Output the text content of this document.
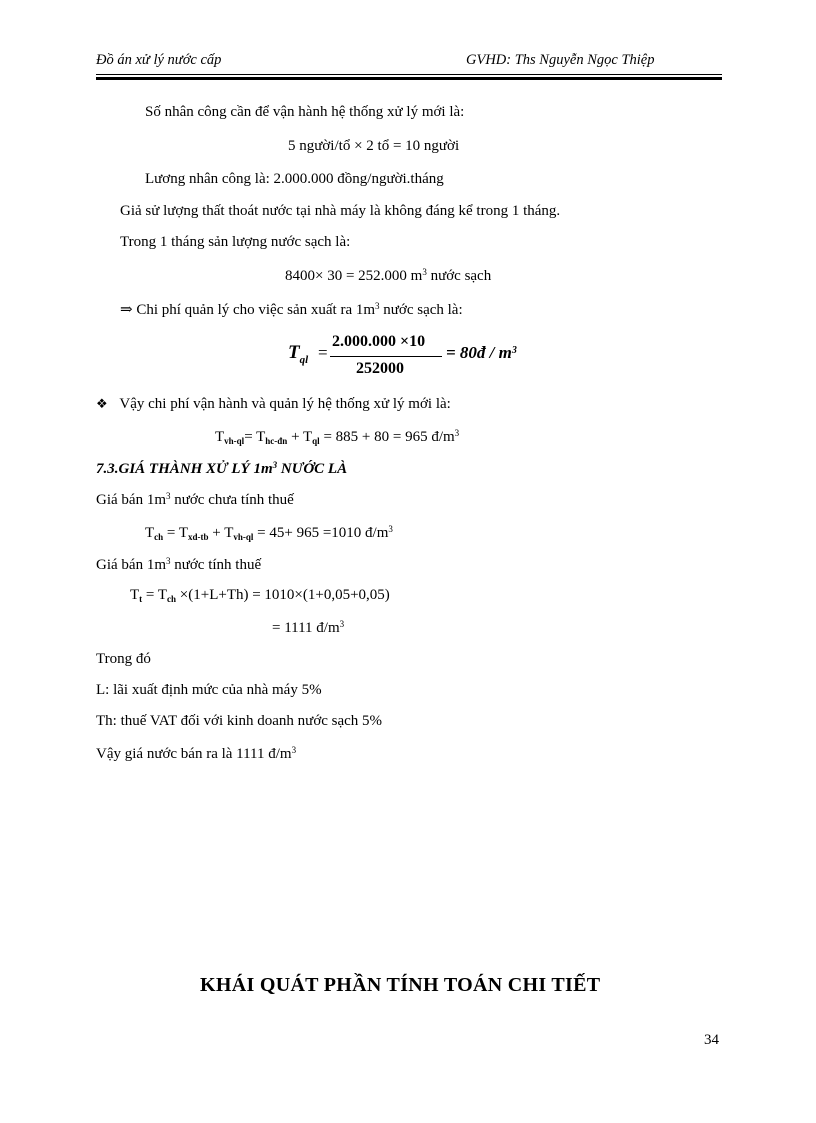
Đồ án xử lý nước cấp	GVHD: Ths Nguyễn Ngọc Thiệp
Số nhân công cần để vận hành hệ thống xử lý mới là:
5 người/tổ × 2 tổ = 10 người
Lương nhân công là: 2.000.000 đồng/người.tháng
Giả sử lượng thất thoát nước tại nhà máy là không đáng kể trong 1 tháng.
Trong 1 tháng sản lượng nước sạch là:
8400× 30 = 252.000 $m^3$ nước sạch
⇒ Chi phí quản lý cho việc sản xuất ra $1m^3$ nước sạch là:
$T_{ql}$ =
2.000.000 ×10
252000
= 80đ / $m^3$
❖ Vậy chi phí vận hành và quản lý hệ thống xử lý mới là:
$T_{vh-ql}= T_{hc-đn} + T_{ql} = 885 + 80 = 965$ $đ/m^3$
7.3.GIÁ THÀNH XỬ LÝ $1m^3$ NƯỚC LÀ
Giá bán $1m^3$ nước chưa tính thuế
$T_{ch} = T_{xd-tb} + T_{vh-ql} = 45+ 965 =1010$ $đ/m^3$
Giá bán $1m^3$ nước tính thuế
$T_t = T_{ch} \times(1+L+Th) = 1010\times(1+0,05+0,05)$
= 1111 $đ/m^3$
Trong đó
L: lãi xuất định mức của nhà máy 5%
Th: thuế VAT đối với kinh doanh nước sạch 5%
Vậy giá nước bán ra là 1111 $đ/m^3$
KHÁI QUÁT PHẦN TÍNH TOÁN CHI TIẾT
34
